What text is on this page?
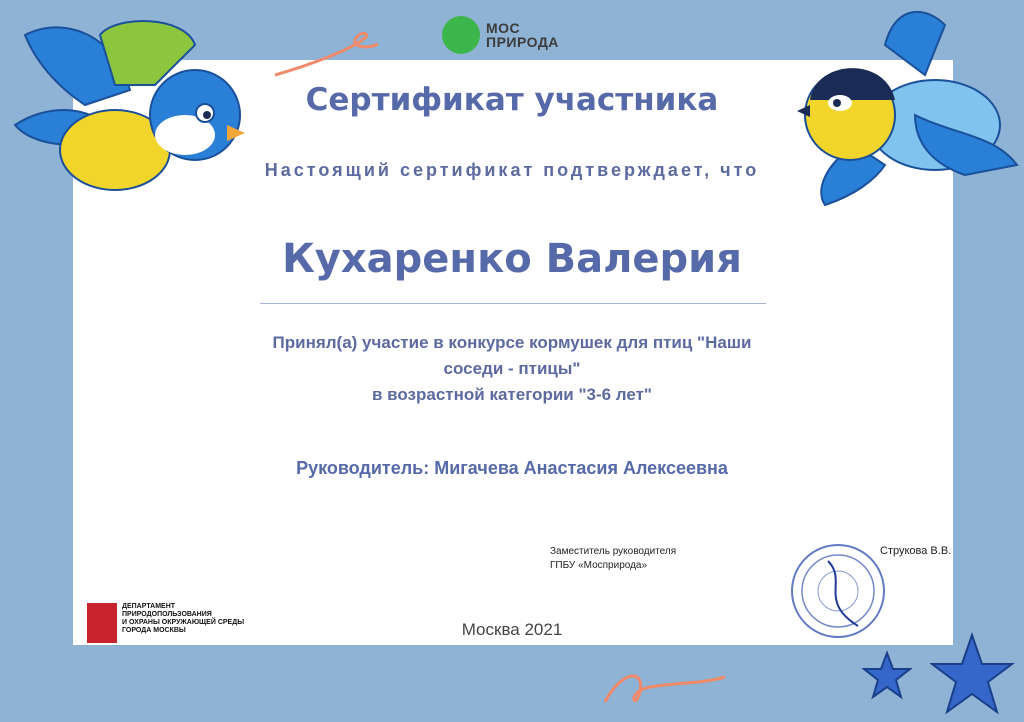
МОС
ПРИРОДА
Сертификат участника
Настоящий сертификат подтверждает, что
Кухаренко Валерия
Принял(а) участие в конкурсе кормушек для птиц "Наши
соседи - птицы"
в возрастной категории "3-6 лет"
Руководитель: Мигачева Анастасия Алексеевна
Заместитель руководителя
ГПБУ «Мосприрода»
Струкова В.В.
ДЕПАРТАМЕНТ
ПРИРОДОПОЛЬЗОВАНИЯ
И ОХРАНЫ ОКРУЖАЮЩЕЙ СРЕДЫ
ГОРОДА МОСКВЫ	Москва 2021
